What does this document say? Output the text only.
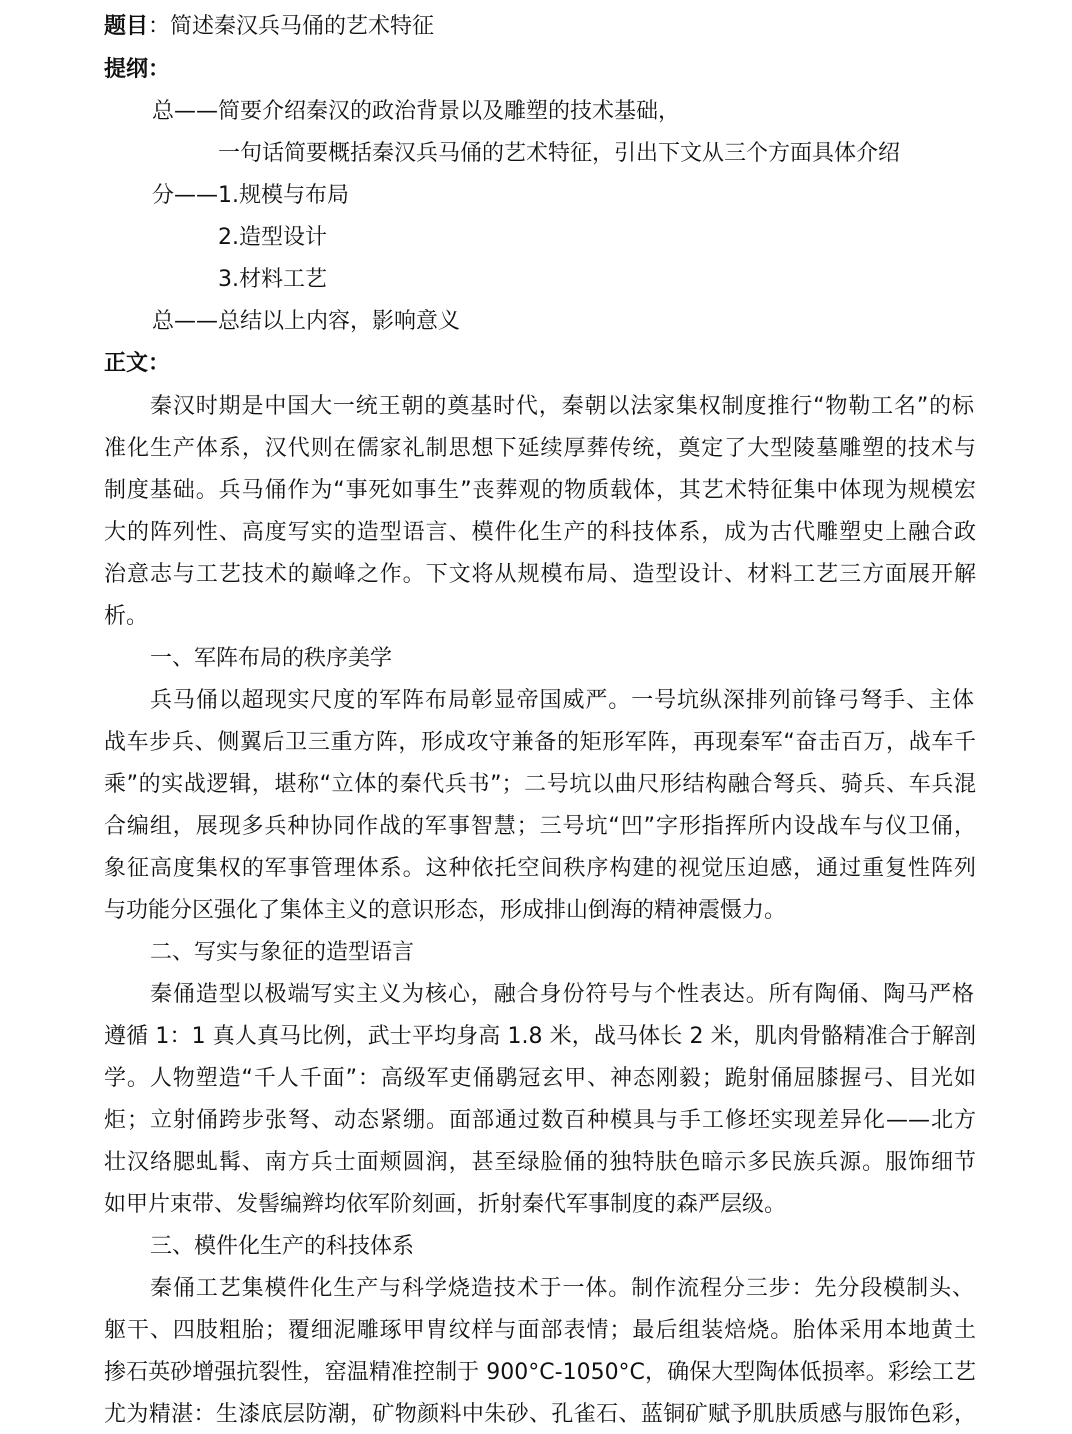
题目：简述秦汉兵马俑的艺术特征
提纲：
总——简要介绍秦汉的政治背景以及雕塑的技术基础，
一句话简要概括秦汉兵马俑的艺术特征，引出下文从三个方面具体介绍
分——1.规模与布局
2.造型设计
3.材料工艺
总——总结以上内容，影响意义
正文：
秦汉时期是中国大一统王朝的奠基时代，秦朝以法家集权制度推行“物勒工名”的标
准化生产体系，汉代则在儒家礼制思想下延续厚葬传统，奠定了大型陵墓雕塑的技术与
制度基础。兵马俑作为“事死如事生”丧葬观的物质载体，其艺术特征集中体现为规模宏
大的阵列性、高度写实的造型语言、模件化生产的科技体系，成为古代雕塑史上融合政
治意志与工艺技术的巅峰之作。下文将从规模布局、造型设计、材料工艺三方面展开解
析。
一、军阵布局的秩序美学
兵马俑以超现实尺度的军阵布局彰显帝国威严。一号坑纵深排列前锋弓弩手、主体
战车步兵、侧翼后卫三重方阵，形成攻守兼备的矩形军阵，再现秦军“奋击百万，战车千
乘”的实战逻辑，堪称“立体的秦代兵书”；二号坑以曲尺形结构融合弩兵、骑兵、车兵混
合编组，展现多兵种协同作战的军事智慧；三号坑“凹”字形指挥所内设战车与仪卫俑，
象征高度集权的军事管理体系。这种依托空间秩序构建的视觉压迫感，通过重复性阵列
与功能分区强化了集体主义的意识形态，形成排山倒海的精神震慑力。
二、写实与象征的造型语言
秦俑造型以极端写实主义为核心，融合身份符号与个性表达。所有陶俑、陶马严格
遵循 1：1 真人真马比例，武士平均身高 1.8 米，战马体长 2 米，肌肉骨骼精准合于解剖
学。人物塑造“千人千面”：高级军吏俑鹖冠玄甲、神态刚毅；跪射俑屈膝握弓、目光如
炬；立射俑跨步张弩、动态紧绷。面部通过数百种模具与手工修坯实现差异化——北方
壮汉络腮虬髯、南方兵士面颊圆润，甚至绿脸俑的独特肤色暗示多民族兵源。服饰细节
如甲片束带、发髻编辫均依军阶刻画，折射秦代军事制度的森严层级。
三、模件化生产的科技体系
秦俑工艺集模件化生产与科学烧造技术于一体。制作流程分三步：先分段模制头、
躯干、四肢粗胎；覆细泥雕琢甲胄纹样与面部表情；最后组装焙烧。胎体采用本地黄土
掺石英砂增强抗裂性，窑温精准控制于 900°C-1050°C，确保大型陶体低损率。彩绘工艺
尤为精湛：生漆底层防潮，矿物颜料中朱砂、孔雀石、蓝铜矿赋予肌肤质感与服饰色彩，
